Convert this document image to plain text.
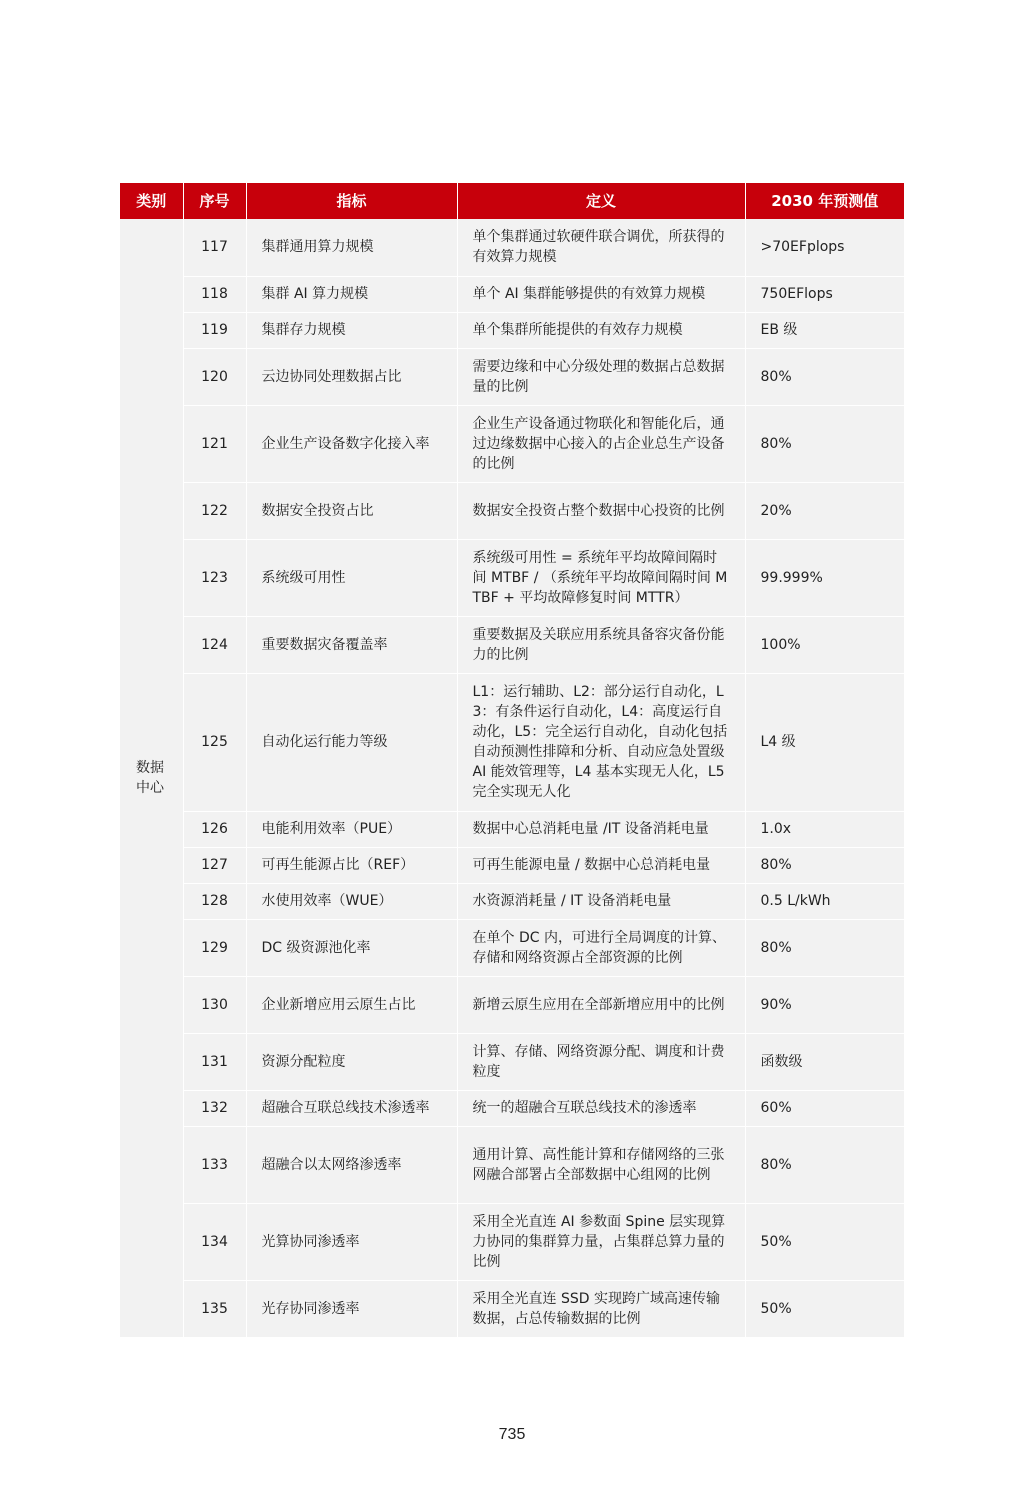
类别	序号	指标	定义	2030 年预测值
数据
中心	117	集群通用算力规模	单个集群通过软硬件联合调优，所获得的有效算力规模	>70EFplops
	118	集群 AI 算力规模	单个 AI 集群能够提供的有效算力规模	750EFlops
	119	集群存力规模	单个集群所能提供的有效存力规模	EB 级
	120	云边协同处理数据占比	需要边缘和中心分级处理的数据占总数据量的比例	80%
	121	企业生产设备数字化接入率	企业生产设备通过物联化和智能化后，通过边缘数据中心接入的占企业总生产设备的比例	80%
	122	数据安全投资占比	数据安全投资占整个数据中心投资的比例	20%
	123	系统级可用性	系统级可用性 = 系统年平均故障间隔时间 MTBF / （系统年平均故障间隔时间 MTBF + 平均故障修复时间 MTTR）	99.999%
	124	重要数据灾备覆盖率	重要数据及关联应用系统具备容灾备份能力的比例	100%
	125	自动化运行能力等级	L1：运行辅助、L2：部分运行自动化，L3：有条件运行自动化，L4：高度运行自动化，L5：完全运行自动化，自动化包括自动预测性排障和分析、自动应急处置级 AI 能效管理等，L4 基本实现无人化，L5 完全实现无人化	L4 级
	126	电能利用效率（PUE）	数据中心总消耗电量 /IT 设备消耗电量	1.0x
	127	可再生能源占比（REF）	可再生能源电量 / 数据中心总消耗电量	80%
	128	水使用效率（WUE）	水资源消耗量 / IT 设备消耗电量	0.5 L/kWh
	129	DC 级资源池化率	在单个 DC 内，可进行全局调度的计算、存储和网络资源占全部资源的比例	80%
	130	企业新增应用云原生占比	新增云原生应用在全部新增应用中的比例	90%
	131	资源分配粒度	计算、存储、网络资源分配、调度和计费粒度	函数级
	132	超融合互联总线技术渗透率	统一的超融合互联总线技术的渗透率	60%
	133	超融合以太网络渗透率	通用计算、高性能计算和存储网络的三张网融合部署占全部数据中心组网的比例	80%
	134	光算协同渗透率	采用全光直连 AI 参数面 Spine 层实现算力协同的集群算力量，占集群总算力量的比例	50%
	135	光存协同渗透率	采用全光直连 SSD 实现跨广域高速传输数据，占总传输数据的比例	50%
735
